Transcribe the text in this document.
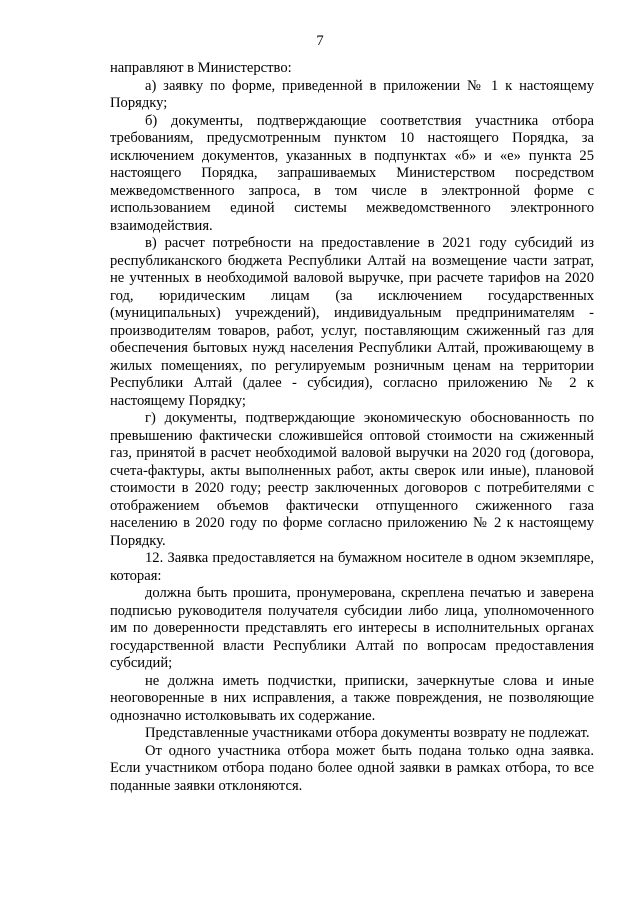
7

направляют в Министерство:

а) заявку по форме, приведенной в приложении № 1 к настоящему Порядку;

б) документы, подтверждающие соответствия участника отбора требованиям, предусмотренным пунктом 10 настоящего Порядка, за исключением документов, указанных в подпунктах «б» и «е» пункта 25 настоящего Порядка, запрашиваемых Министерством посредством межведомственного запроса, в том числе в электронной форме с использованием единой системы межведомственного электронного взаимодействия.

в) расчет потребности на предоставление в 2021 году субсидий из республиканского бюджета Республики Алтай на возмещение части затрат, не учтенных в необходимой валовой выручке, при расчете тарифов на 2020 год, юридическим лицам (за исключением государственных (муниципальных) учреждений), индивидуальным предпринимателям - производителям товаров, работ, услуг, поставляющим сжиженный газ для обеспечения бытовых нужд населения Республики Алтай, проживающему в жилых помещениях, по регулируемым розничным ценам на территории Республики Алтай (далее - субсидия), согласно приложению № 2 к настоящему Порядку;

г) документы, подтверждающие экономическую обоснованность по превышению фактически сложившейся оптовой стоимости на сжиженный газ, принятой в расчет необходимой валовой выручки на 2020 год (договора, счета-фактуры, акты выполненных работ, акты сверок или иные), плановой стоимости в 2020 году; реестр заключенных договоров с потребителями с отображением объемов фактически отпущенного сжиженного газа населению в 2020 году по форме согласно приложению № 2 к настоящему Порядку.

12. Заявка предоставляется на бумажном носителе в одном экземпляре, которая:

должна быть прошита, пронумерована, скреплена печатью и заверена подписью руководителя получателя субсидии либо лица, уполномоченного им по доверенности представлять его интересы в исполнительных органах государственной власти Республики Алтай по вопросам предоставления субсидий;

не должна иметь подчистки, приписки, зачеркнутые слова и иные неоговоренные в них исправления, а также повреждения, не позволяющие однозначно истолковывать их содержание.

Представленные участниками отбора документы возврату не подлежат.

От одного участника отбора может быть подана только одна заявка. Если участником отбора подано более одной заявки в рамках отбора, то все поданные заявки отклоняются.
